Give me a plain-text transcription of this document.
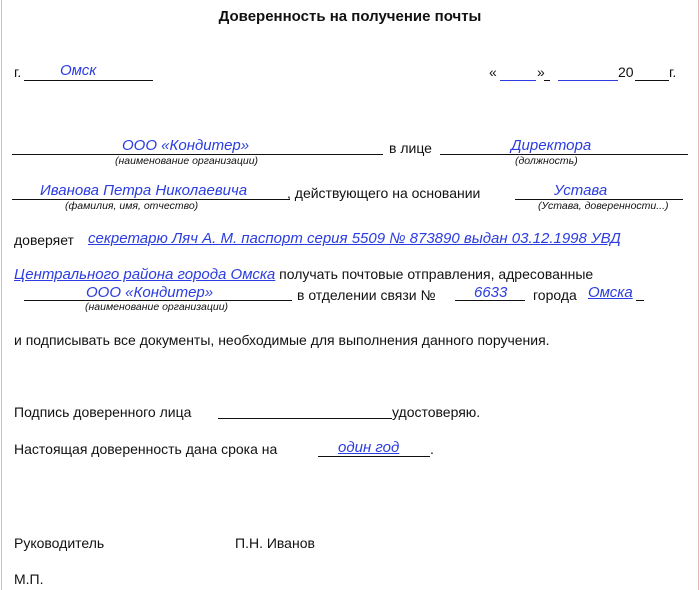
Доверенность на получение почты
г.	Омск	«	»	20	г.
ООО «Кондитер»
(наименование организации)
в лице	Директора
(должность)
Иванова Петра Николаевича
(фамилия, имя, отчество)
, действующего на основании	Устава
(Устава, доверенности...)
доверяет секретарю Ляч А. М. паспорт серия 5509 № 873890 выдан 03.12.1998 УВД
Центрального района города Омска получать почтовые отправления, адресованные
ООО «Кондитер»
(наименование организации)
в отделении связи №	6633 города Омска
и подписывать все документы, необходимые для выполнения данного поручения.
Подпись доверенного лица	удостоверяю.
Настоящая доверенность дана срока на	один год .
Руководитель	П.Н. Иванов
М.П.
